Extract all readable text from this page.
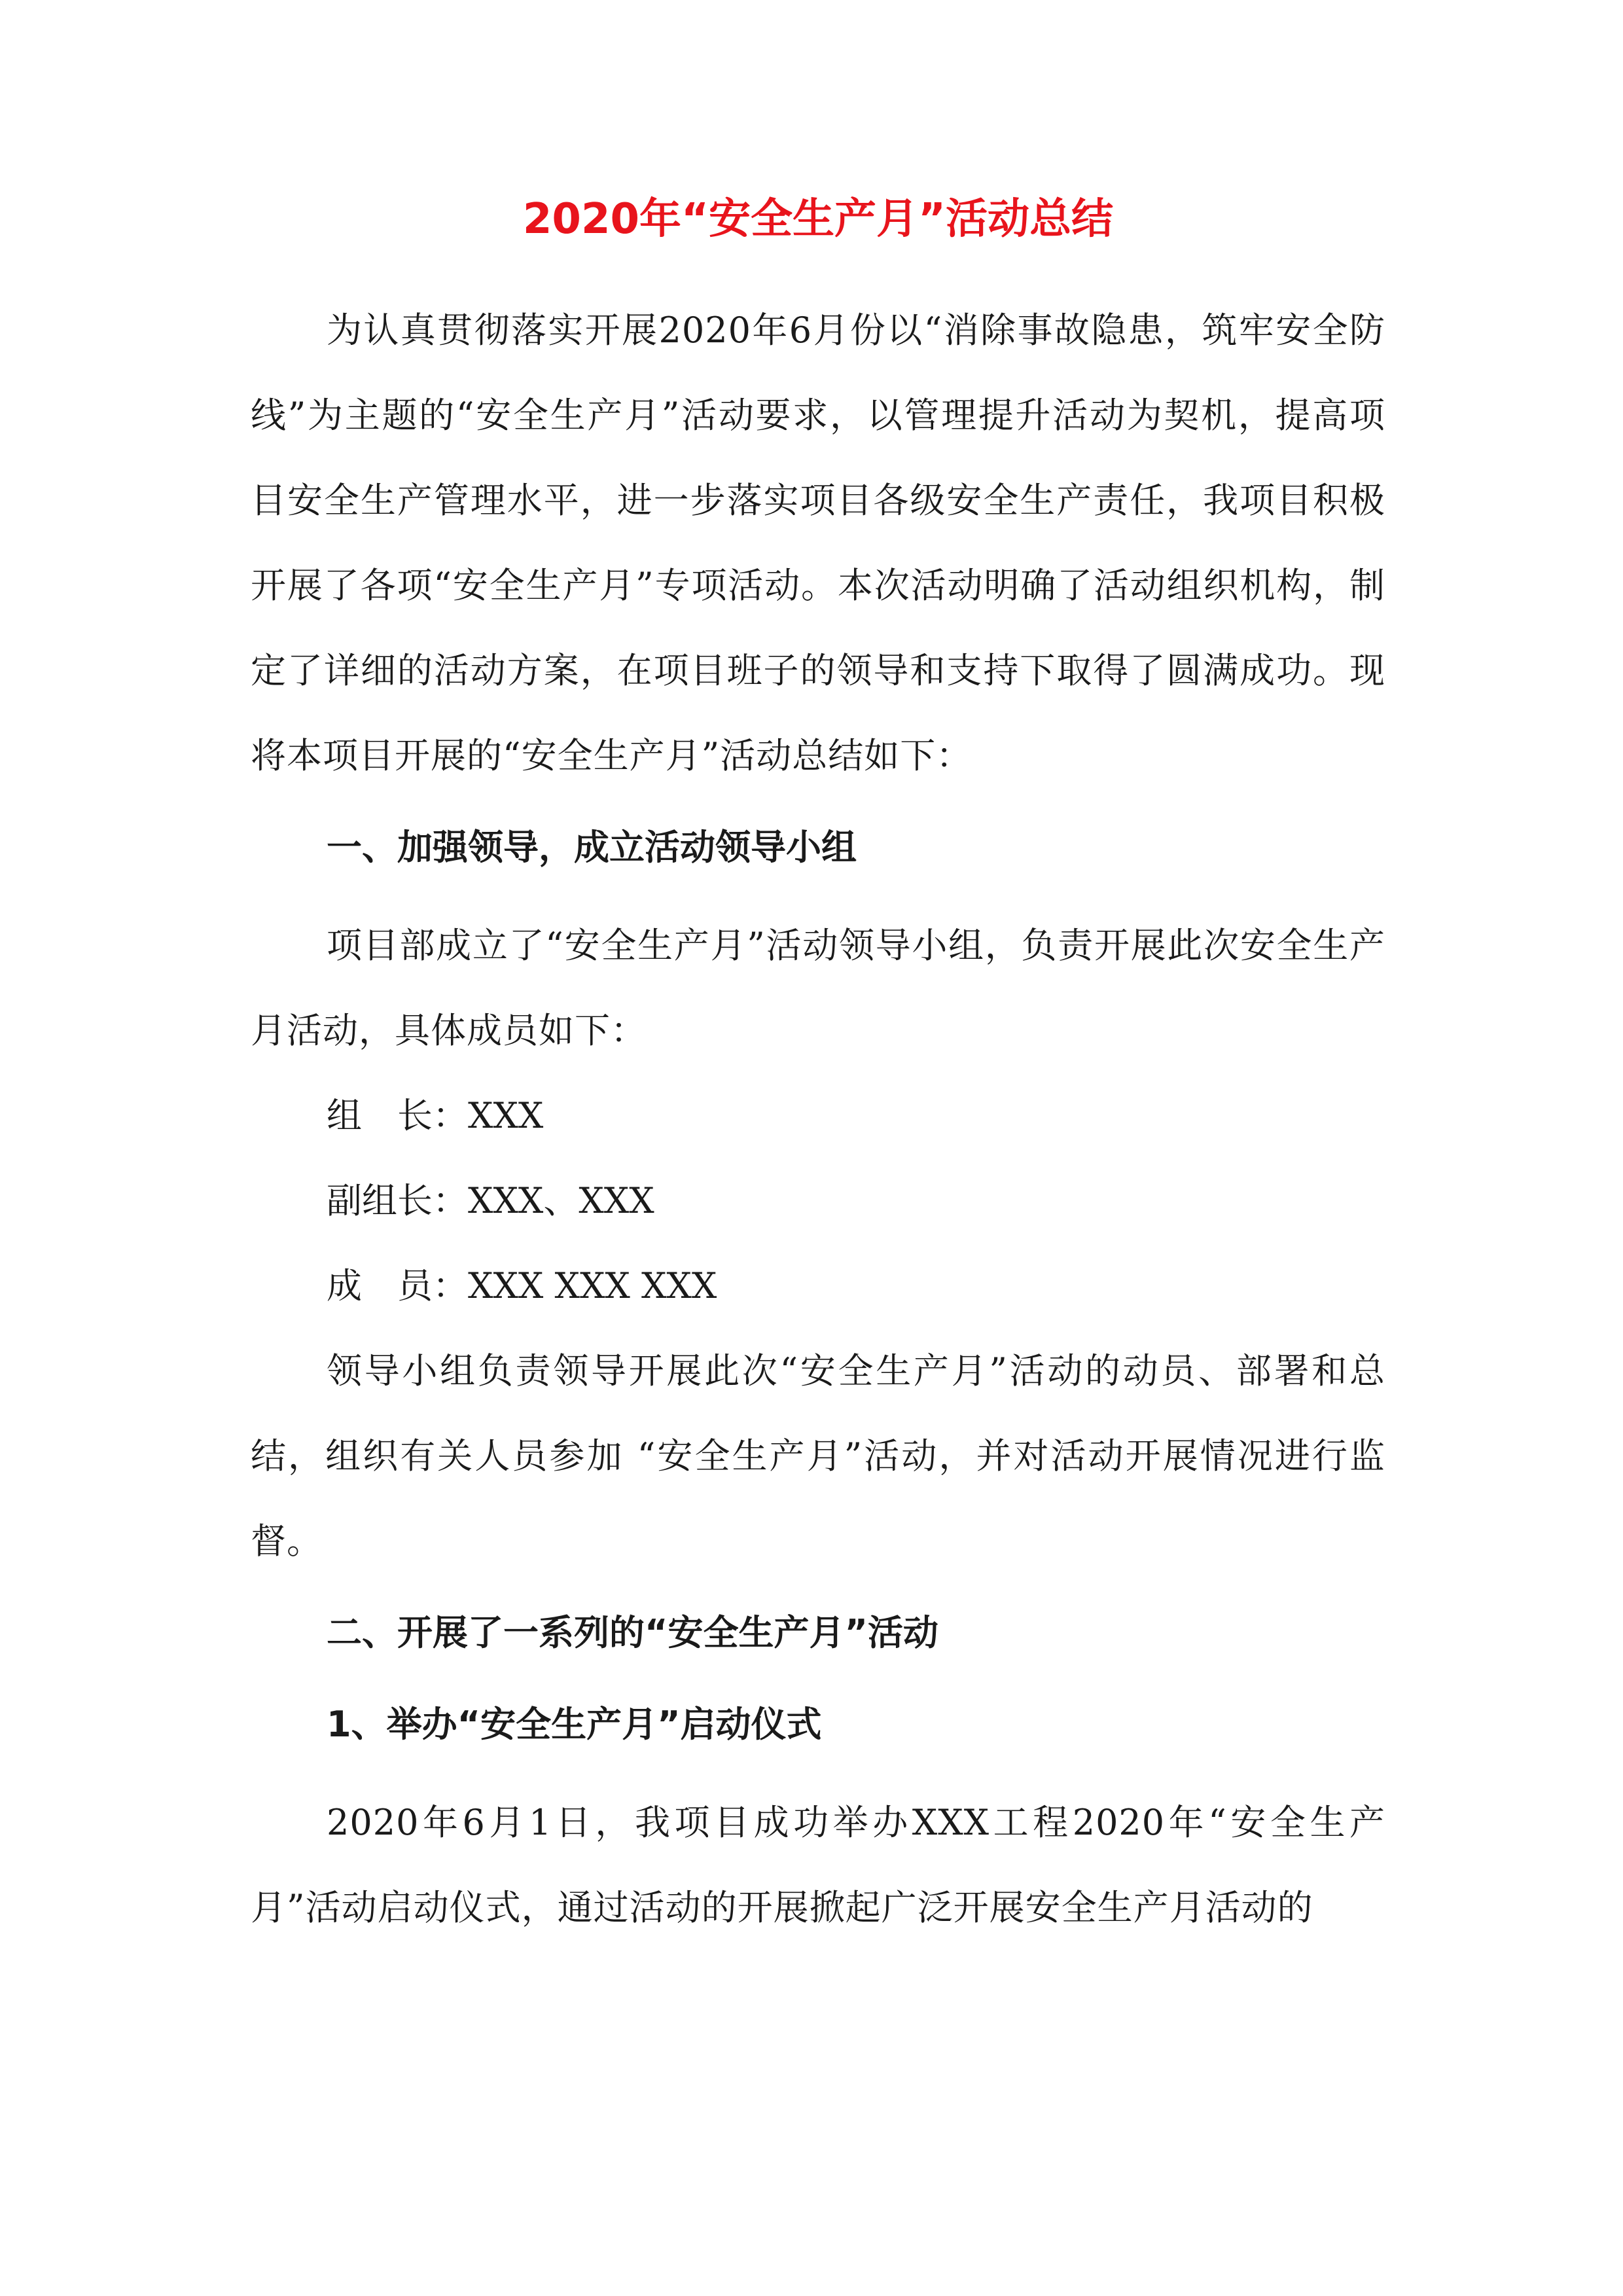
2020年“安全生产月”活动总结

为认真贯彻落实开展2020年6月份以“消除事故隐患，筑牢安全防线”为主题的“安全生产月”活动要求，以管理提升活动为契机，提高项目安全生产管理水平，进一步落实项目各级安全生产责任，我项目积极开展了各项“安全生产月”专项活动。本次活动明确了活动组织机构，制定了详细的活动方案，在项目班子的领导和支持下取得了圆满成功。现将本项目开展的“安全生产月”活动总结如下：

一、加强领导，成立活动领导小组

项目部成立了“安全生产月”活动领导小组，负责开展此次安全生产月活动，具体成员如下：

组　长：XXX

副组长：XXX、XXX

成　员：XXX XXX XXX

领导小组负责领导开展此次“安全生产月”活动的动员、部署和总结，组织有关人员参加 “安全生产月”活动，并对活动开展情况进行监督。

二、开展了一系列的“安全生产月”活动
1、举办“安全生产月”启动仪式

2020年6月1日，我项目成功举办XXX工程2020年“安全生产月”活动启动仪式，通过活动的开展掀起广泛开展安全生产月活动的
